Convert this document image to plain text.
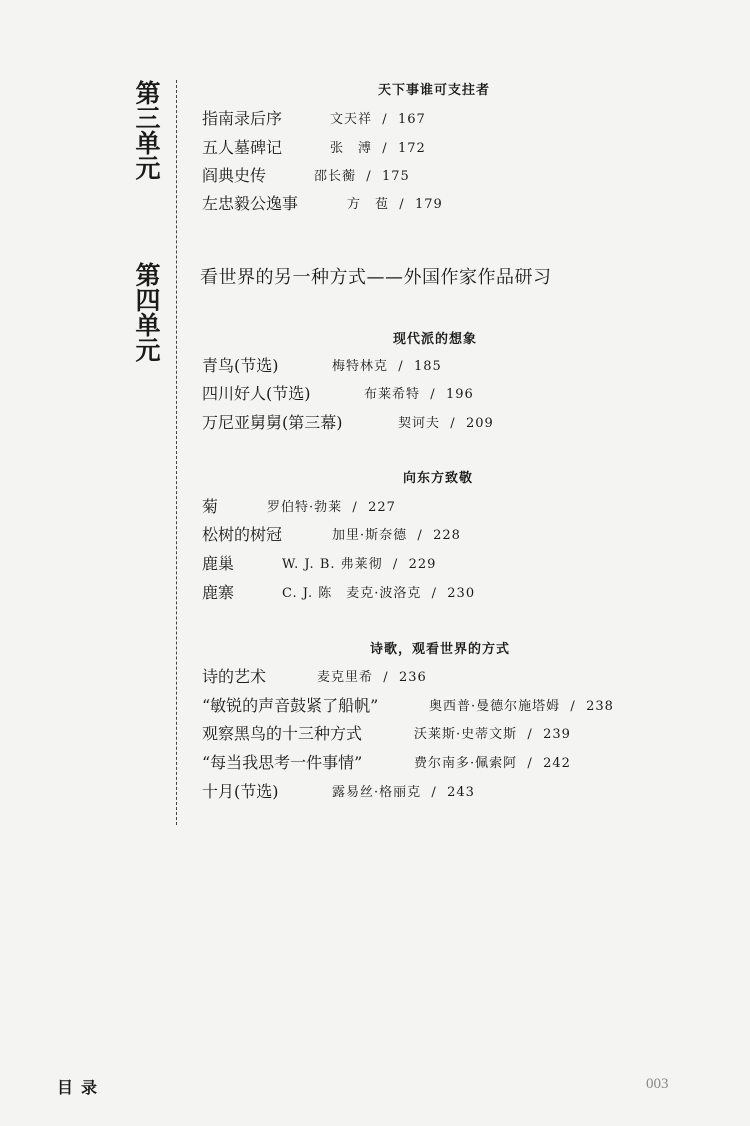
第三单元
第四单元
天下事谁可支拄者
指南录后序	文天祥  /  167
五人墓碑记	张　溥  /  172
阎典史传	邵长蘅  /  175
左忠毅公逸事	方　苞  /  179
看世界的另一种方式——外国作家作品研习
现代派的想象
青鸟(节选)	梅特林克  /  185
四川好人(节选)	布莱希特  /  196
万尼亚舅舅(第三幕)	契诃夫  /  209
向东方致敬
菊	罗伯特·勃莱  /  227
松树的树冠	加里·斯奈德  /  228
鹿巢	W. J. B. 弗莱彻  /  229
鹿寨	C. J. 陈　麦克·波洛克  /  230
诗歌，观看世界的方式
诗的艺术	麦克里希  /  236
“敏锐的声音鼓紧了船帆”	奥西普·曼德尔施塔姆  /  238
观察黑鸟的十三种方式	沃莱斯·史蒂文斯  /  239
“每当我思考一件事情”	费尔南多·佩索阿  /  242
十月(节选)	露易丝·格丽克  /  243
目录	003
